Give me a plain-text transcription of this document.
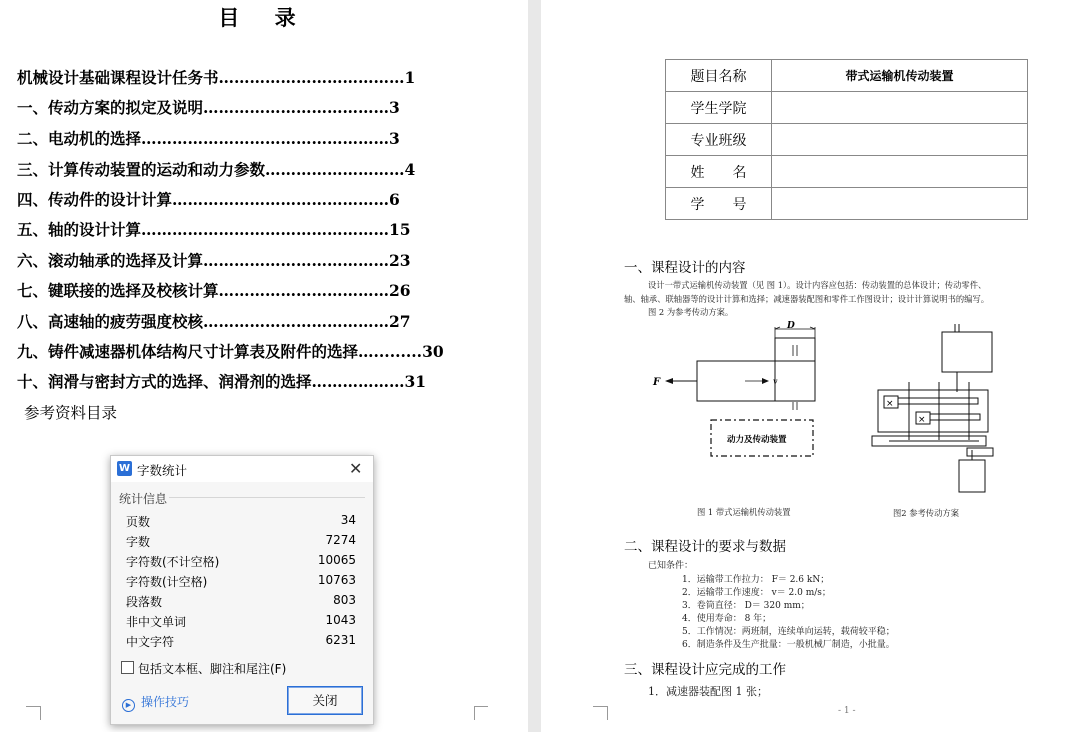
目 录
机械设计基础课程设计任务书………………………………1
一、传动方案的拟定及说明………………………………3
二、电动机的选择…………………………………………3
三、计算传动装置的运动和动力参数………………………4
四、传动件的设计计算……………………………………6
五、轴的设计计算…………………………………………15
六、滚动轴承的选择及计算………………………………23
七、键联接的选择及校核计算……………………………26
八、高速轴的疲劳强度校核………………………………27
九、铸件减速器机体结构尺寸计算表及附件的选择….........30
十、润滑与密封方式的选择、润滑剂的选择………………31
参考资料目录
题目名称	带式运输机传动装置
学生学院	
专业班级	
姓　　名	
学　　号	
一、课程设计的内容
设计一带式运输机传动装置（见 图 1）。设计内容应包括：传动装置的总体设计；传动零件、
轴、轴承、联轴器等的设计计算和选择；减速器装配图和零件工作图设计；设计计算说明书的编写。
图 2 为参考传动方案。
D
F	v
动力及传动装置
图 1 带式运输机传动装置
×
×
图2 参考传动方案
二、课程设计的要求与数据
已知条件：
1．运输带工作拉力： F＝ 2.6 kN；
2．运输带工作速度： v＝ 2.0 m/s；
3．卷筒直径： D＝ 320 mm；
4．使用寿命： 8 年；
5．工作情况：两班制，连续单向运转，载荷较平稳；
6．制造条件及生产批量：一般机械厂制造，小批量。
三、课程设计应完成的工作
1．减速器装配图 1 张；
- 1 -
W 字数统计	✕
统计信息
页数	34
字数	7274
字符数(不计空格)	10065
字符数(计空格)	10763
段落数	803
非中文单词	1043
中文字符	6231
包括文本框、脚注和尾注(F)
▶ 操作技巧	关闭
